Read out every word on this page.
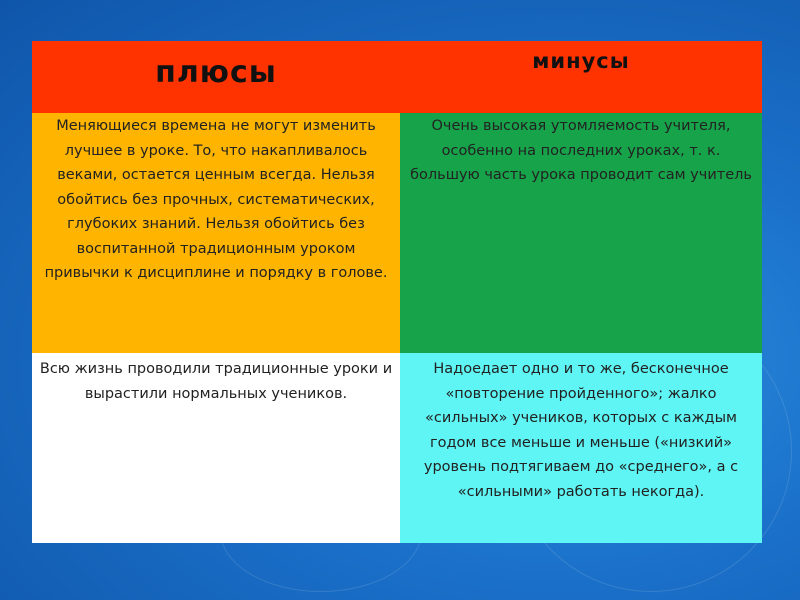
плюсы	минусы
Меняющиеся времена не могут изменить лучшее в уроке. То, что накапливалось веками, остается ценным всегда. Нельзя обойтись без прочных, систематических, глубоких знаний. Нельзя обойтись без воспитанной традиционным уроком привычки к дисциплине и порядку в голове.	Очень высокая утомляемость учителя, особенно на последних уроках, т. к. большую часть урока проводит сам учитель
Всю жизнь проводили традиционные уроки и вырастили нормальных учеников.	Надоедает одно и то же, бесконечное «повторение пройденного»; жалко «сильных» учеников, которых с каждым годом все меньше и меньше («низкий» уровень подтягиваем до «среднего», а с «сильными» работать некогда).
